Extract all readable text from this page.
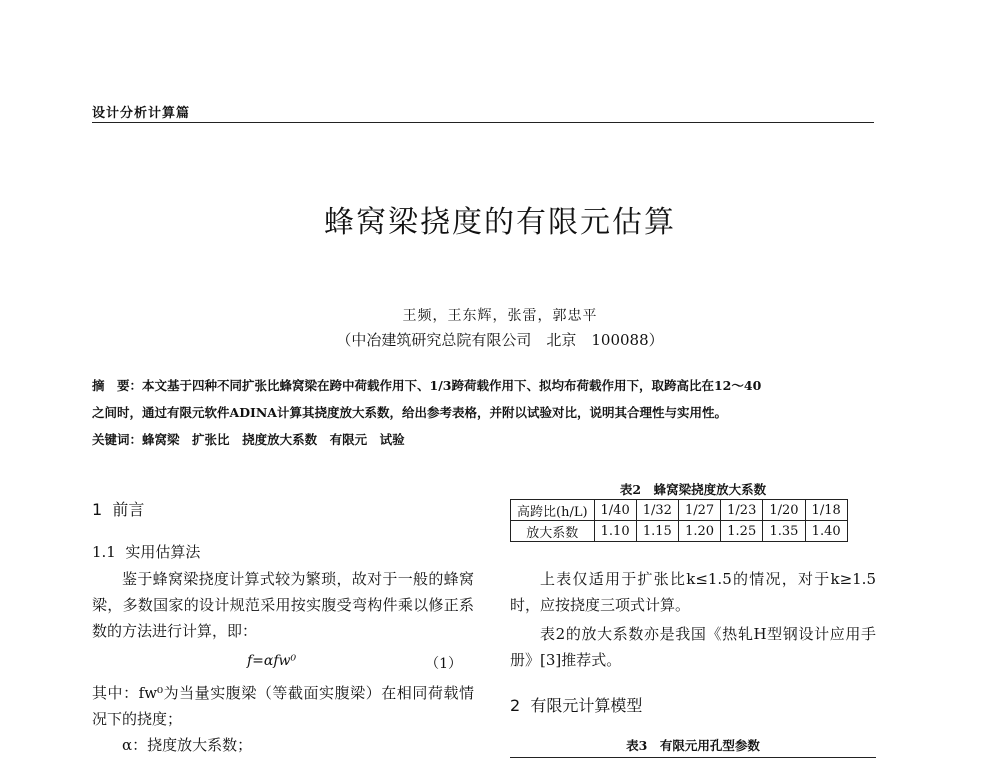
设计分析计算篇
蜂窝梁挠度的有限元估算
王频，王东辉，张雷，郭忠平
（中冶建筑研究总院有限公司　北京　100088）
摘　要：本文基于四种不同扩张比蜂窝梁在跨中荷载作用下、1/3跨荷载作用下、拟均布荷载作用下，取跨高比在12～40
之间时，通过有限元软件ADINA计算其挠度放大系数，给出参考表格，并附以试验对比，说明其合理性与实用性。
关键词：蜂窝梁　 扩张比　 挠度放大系数　 有限元　 试验
1 前言
1.1 实用估算法
鉴于蜂窝梁挠度计算式较为繁琐，故对于一般的蜂窝梁，多数国家的设计规范采用按实腹受弯构件乘以修正系数的方法进行计算，即：
f=αfw⁰	（1）
其中：fw⁰为当量实腹梁（等截面实腹梁）在相同荷载情况下的挠度；
α：挠度放大系数；
表2　蜂窝梁挠度放大系数
高跨比(h/L)	1/40	1/32	1/27	1/23	1/20	1/18
放大系数	1.10	1.15	1.20	1.25	1.35	1.40
上表仅适用于扩张比k≤1.5的情况，对于k≥1.5时，应按挠度三项式计算。
表2的放大系数亦是我国《热轧H型钢设计应用手册》[3]推荐式。
2 有限元计算模型
表3　有限元用孔型参数
